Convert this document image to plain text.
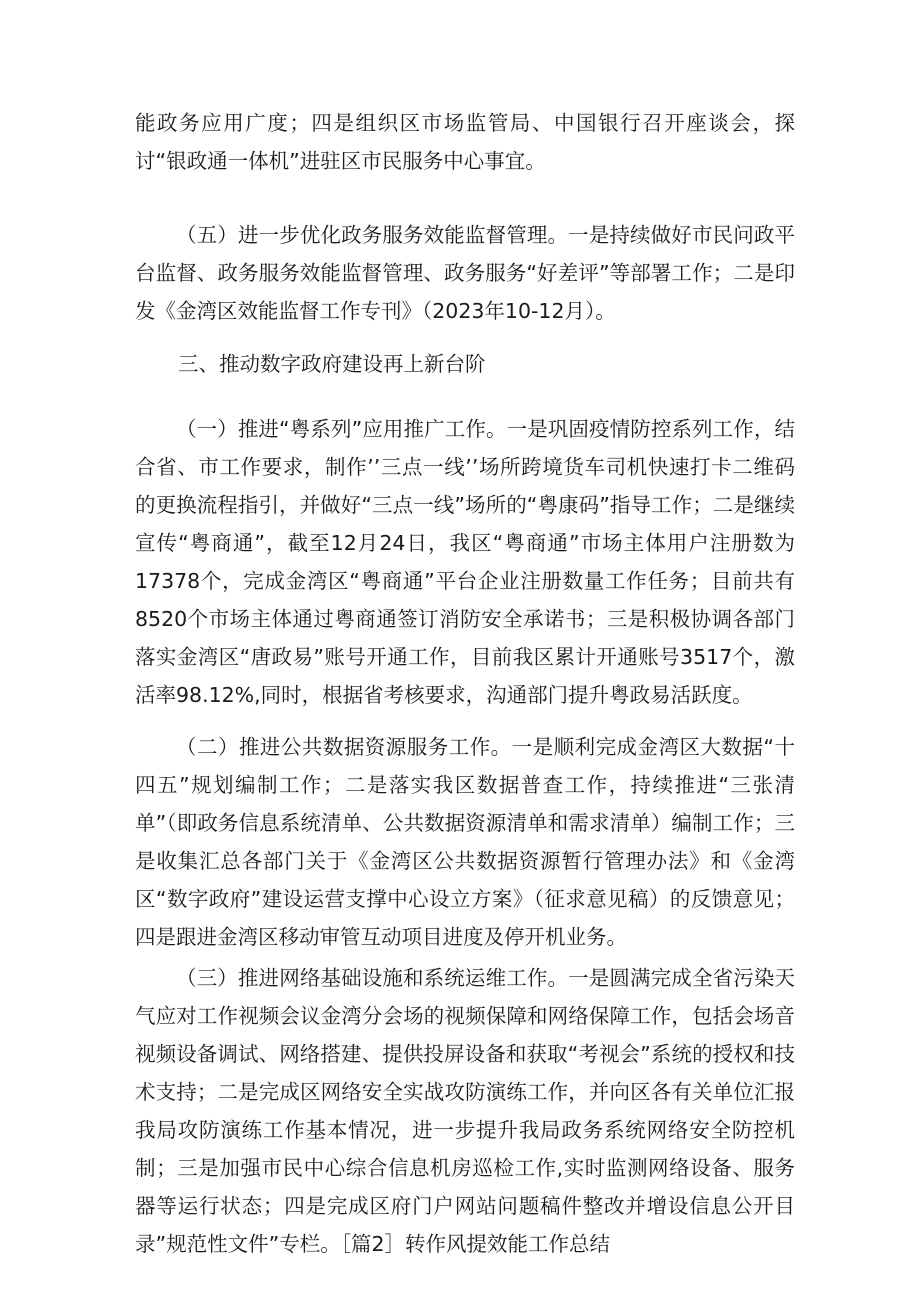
能政务应用广度；四是组织区市场监管局、中国银行召开座谈会，探讨“银政通一体机”进驻区市民服务中心事宜。

（五）进一步优化政务服务效能监督管理。一是持续做好市民问政平台监督、政务服务效能监督管理、政务服务“好差评”等部署工作；二是印发《金湾区效能监督工作专刊》（2023年10-12月）。

三、推动数字政府建设再上新台阶

（一）推进“粤系列”应用推广工作。一是巩固疫情防控系列工作，结合省、市工作要求，制作’’三点一线’’场所跨境货车司机快速打卡二维码的更换流程指引，并做好“三点一线”场所的“粤康码”指导工作；二是继续宣传“粤商通”，截至12月24日，我区“粤商通”市场主体用户注册数为17378个，完成金湾区“粤商通”平台企业注册数量工作任务；目前共有8520个市场主体通过粤商通签订消防安全承诺书；三是积极协调各部门落实金湾区“唐政易”账号开通工作，目前我区累计开通账号3517个，激活率98.12%,同时，根据省考核要求，沟通部门提升粤政易活跃度。

（二）推进公共数据资源服务工作。一是顺利完成金湾区大数据“十四五”规划编制工作；二是落实我区数据普查工作，持续推进“三张清单”（即政务信息系统清单、公共数据资源清单和需求清单）编制工作；三是收集汇总各部门关于《金湾区公共数据资源暂行管理办法》和《金湾区“数字政府”建设运营支撑中心设立方案》（征求意见稿）的反馈意见；四是跟进金湾区移动审管互动项目进度及停开机业务。

（三）推进网络基础设施和系统运维工作。一是圆满完成全省污染天气应对工作视频会议金湾分会场的视频保障和网络保障工作，包括会场音视频设备调试、网络搭建、提供投屏设备和获取“考视会”系统的授权和技术支持；二是完成区网络安全实战攻防演练工作，并向区各有关单位汇报我局攻防演练工作基本情况，进一步提升我局政务系统网络安全防控机制；三是加强市民中心综合信息机房巡检工作,实时监测网络设备、服务器等运行状态；四是完成区府门户网站问题稿件整改并增设信息公开目录”规范性文件”专栏。［篇2］转作风提效能工作总结
